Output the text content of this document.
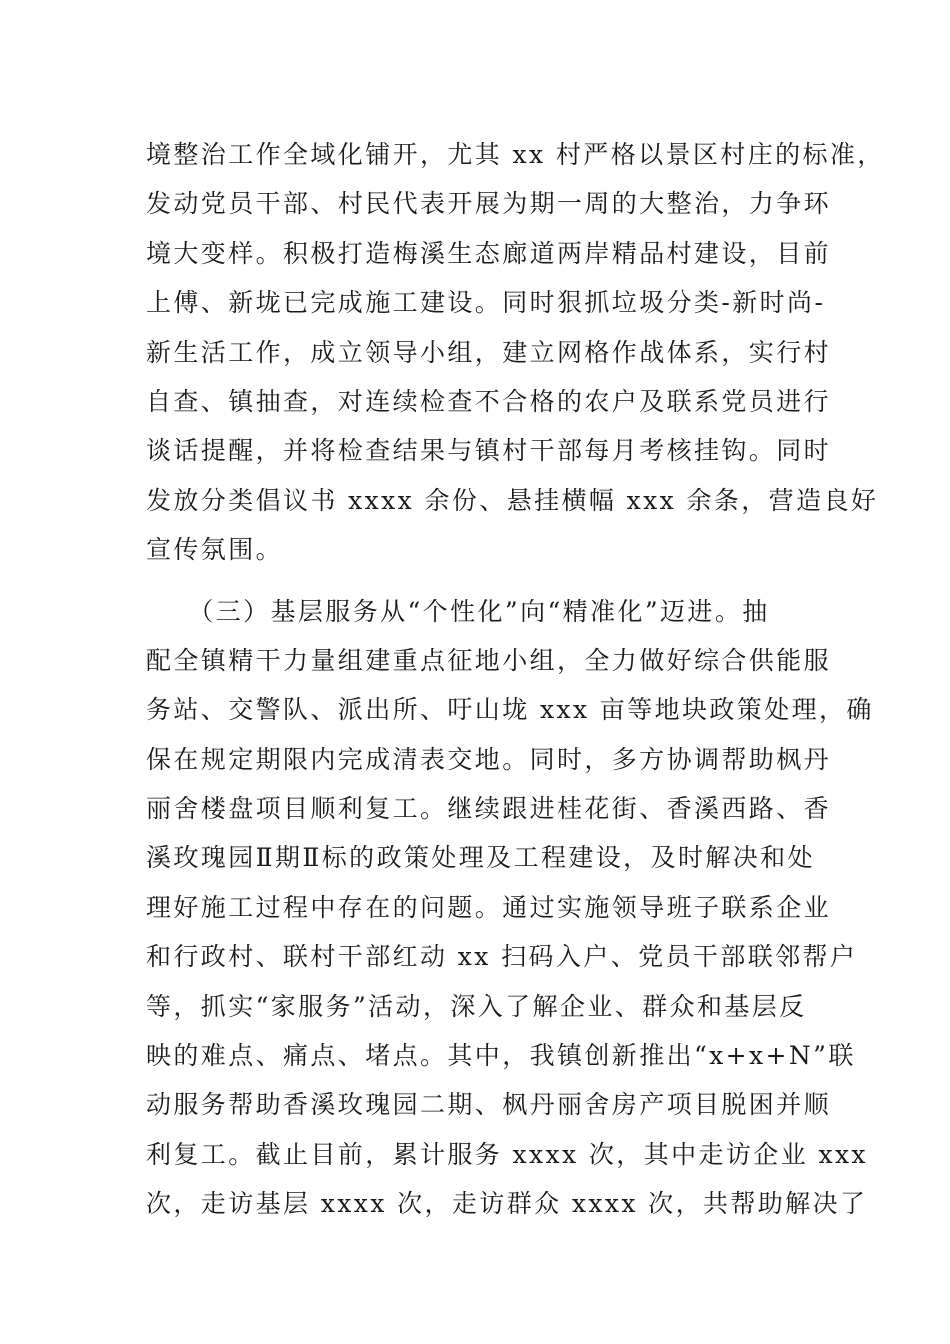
境整治工作全域化铺开，尤其 xx 村严格以景区村庄的标准，
发动党员干部、村民代表开展为期一周的大整治，力争环
境大变样。积极打造梅溪生态廊道两岸精品村建设，目前
上傅、新垅已完成施工建设。同时狠抓垃圾分类-新时尚-
新生活工作，成立领导小组，建立网格作战体系，实行村
自查、镇抽查，对连续检查不合格的农户及联系党员进行
谈话提醒，并将检查结果与镇村干部每月考核挂钩。同时
发放分类倡议书 xxxx 余份、悬挂横幅 xxx 余条，营造良好
宣传氛围。
　　（三）基层服务从“个性化”向“精准化”迈进。抽
配全镇精干力量组建重点征地小组，全力做好综合供能服
务站、交警队、派出所、吁山垅 xxx 亩等地块政策处理，确
保在规定期限内完成清表交地。同时，多方协调帮助枫丹
丽舍楼盘项目顺利复工。继续跟进桂花街、香溪西路、香
溪玫瑰园Ⅱ期Ⅱ标的政策处理及工程建设，及时解决和处
理好施工过程中存在的问题。通过实施领导班子联系企业
和行政村、联村干部红动 xx 扫码入户、党员干部联邻帮户
等，抓实“家服务”活动，深入了解企业、群众和基层反
映的难点、痛点、堵点。其中，我镇创新推出“x+x+N”联
动服务帮助香溪玫瑰园二期、枫丹丽舍房产项目脱困并顺
利复工。截止目前，累计服务 xxxx 次，其中走访企业 xxx
次，走访基层 xxxx 次，走访群众 xxxx 次，共帮助解决了
